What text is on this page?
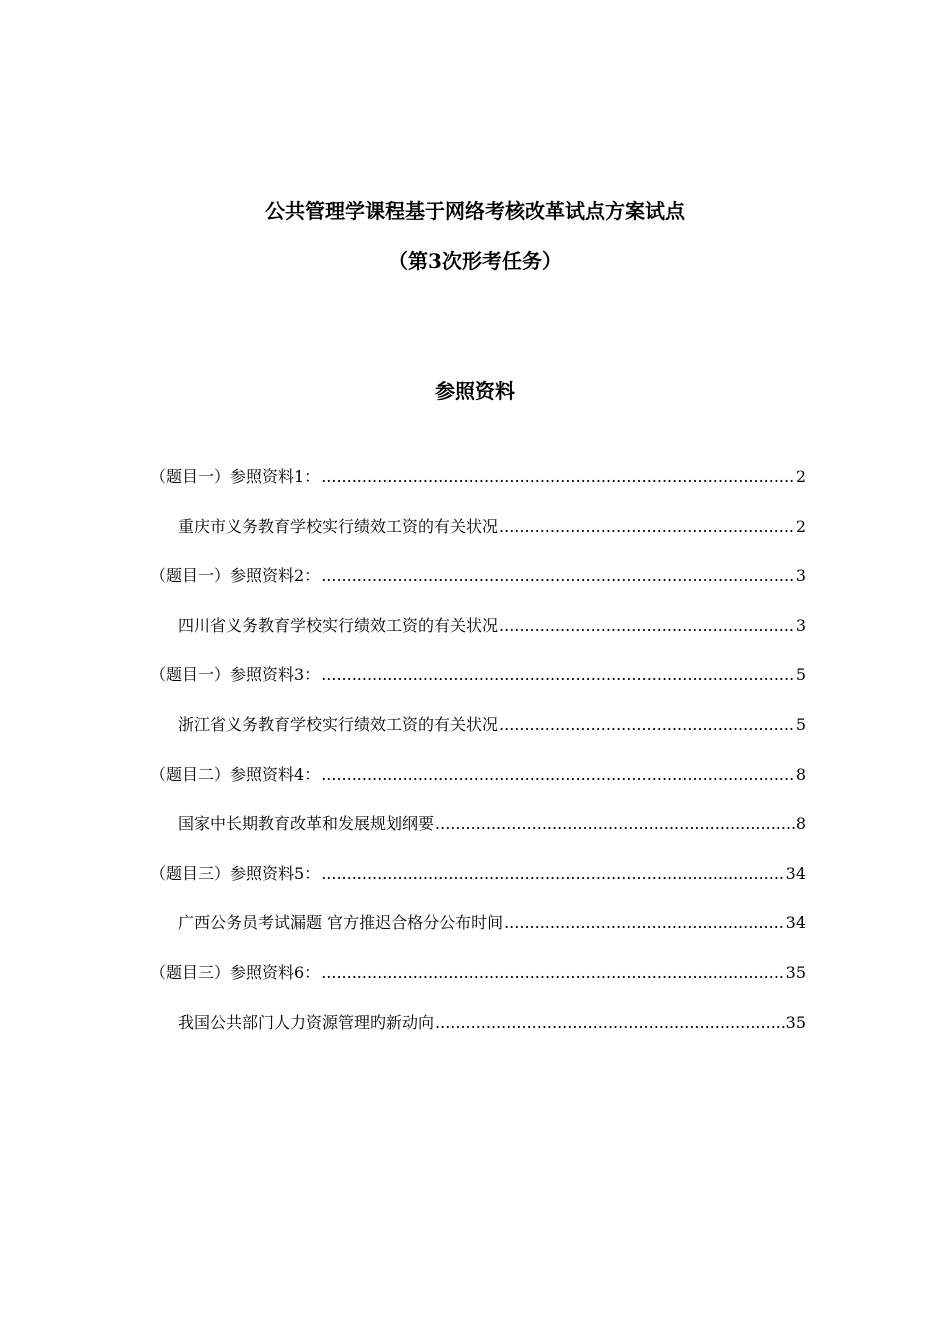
公共管理学课程基于网络考核改革试点方案试点
（第3次形考任务）
参照资料
（题目一）参照资料1： .....	2
重庆市义务教育学校实行绩效工资的有关状况 .....	2
（题目一）参照资料2： .....	3
四川省义务教育学校实行绩效工资的有关状况 .....	3
（题目一）参照资料3： .....	5
浙江省义务教育学校实行绩效工资的有关状况 .....	5
（题目二）参照资料4： .....	8
国家中长期教育改革和发展规划纲要 .....	8
（题目三）参照资料5： .....	34
广西公务员考试漏题 官方推迟合格分公布时间 .....	34
（题目三）参照资料6： .....	35
我国公共部门人力资源管理旳新动向 .....	35
